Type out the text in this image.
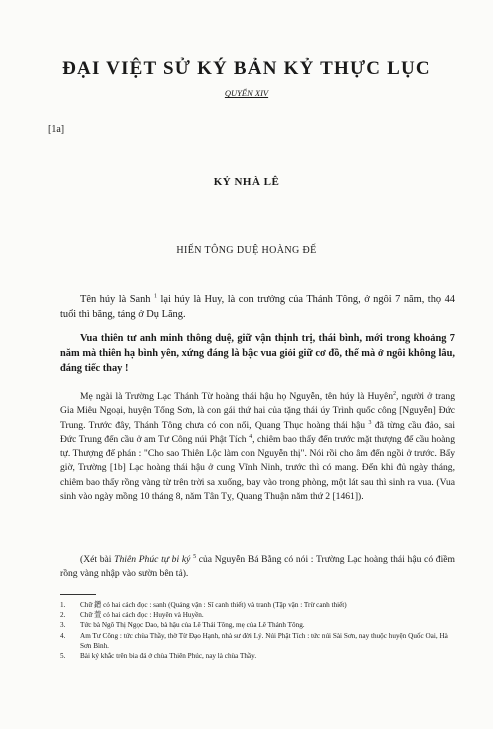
ĐẠI VIỆT SỬ KÝ BẢN KỶ THỰC LỤC
QUYỂN XIV
[1a]
KỶ NHÀ LÊ
HIẾN TÔNG DUỆ HOÀNG ĐẾ
Tên húy là Sanh $^1$ lại húy là Huy, là con trưởng của Thánh Tông, ở ngôi 7 năm, thọ 44 tuổi thì băng, táng ở Dụ Lăng.
Vua thiên tư anh minh thông duệ, giữ vận thịnh trị, thái bình, mới trong khoảng 7 năm mà thiên hạ bình yên, xứng đáng là bậc vua giỏi giữ cơ đồ, thế mà ở ngôi không lâu, đáng tiếc thay !
Mẹ ngài là Trường Lạc Thánh Từ hoàng thái hậu họ Nguyễn, tên húy là Huyên$^2$, người ở trang Gia Miêu Ngoại, huyện Tống Sơn, là con gái thứ hai của tặng thái úy Trình quốc công [Nguyễn] Đức Trung. Trước đây, Thánh Tông chưa có con nối, Quang Thục hoàng thái hậu $^3$ đã từng cầu đảo, sai Đức Trung đến cầu ở am Tư Công núi Phật Tích $^4$, chiêm bao thấy đến trước mặt thượng đế cầu hoàng tự. Thượng đế phán : "Cho sao Thiên Lộc làm con Nguyễn thị". Nói rồi cho âm đến ngồi ở trước. Bấy giờ, Trường [1b] Lạc hoàng thái hậu ở cung Vĩnh Ninh, trước thì có mang. Đến khi đủ ngày tháng, chiêm bao thấy rồng vàng từ trên trời sa xuống, bay vào trong phòng, một lát sau thì sinh ra vua. (Vua sinh vào ngày mồng 10 tháng 8, năm Tân Tỵ, Quang Thuận năm thứ 2 [1461]).
(Xét bài Thiên Phúc tự bi ký $^5$ của Nguyễn Bá Bằng có nói : Trường Lạc hoàng thái hậu có điềm rồng vàng nhập vào sườn bên tả).
1.	Chữ 鏳 có hai cách đọc : sanh (Quảng vận : Sĩ canh thiết) và tranh (Tập vận : Trừ canh thiết)
2.	Chữ 萱 có hai cách đọc : Huyên và Huyền.
3.	Tức bà Ngô Thị Ngọc Dao, bà hậu của Lê Thái Tông, mẹ của Lê Thánh Tông.
4.	Am Tư Công : tức chùa Thầy, thờ Từ Đạo Hạnh, nhà sư đời Lý. Núi Phật Tích : tức núi Sài Sơn, nay thuộc huyện Quốc Oai, Hà Sơn Bình.
5.	Bài ký khắc trên bia đá ở chùa Thiên Phúc, nay là chùa Thầy.
